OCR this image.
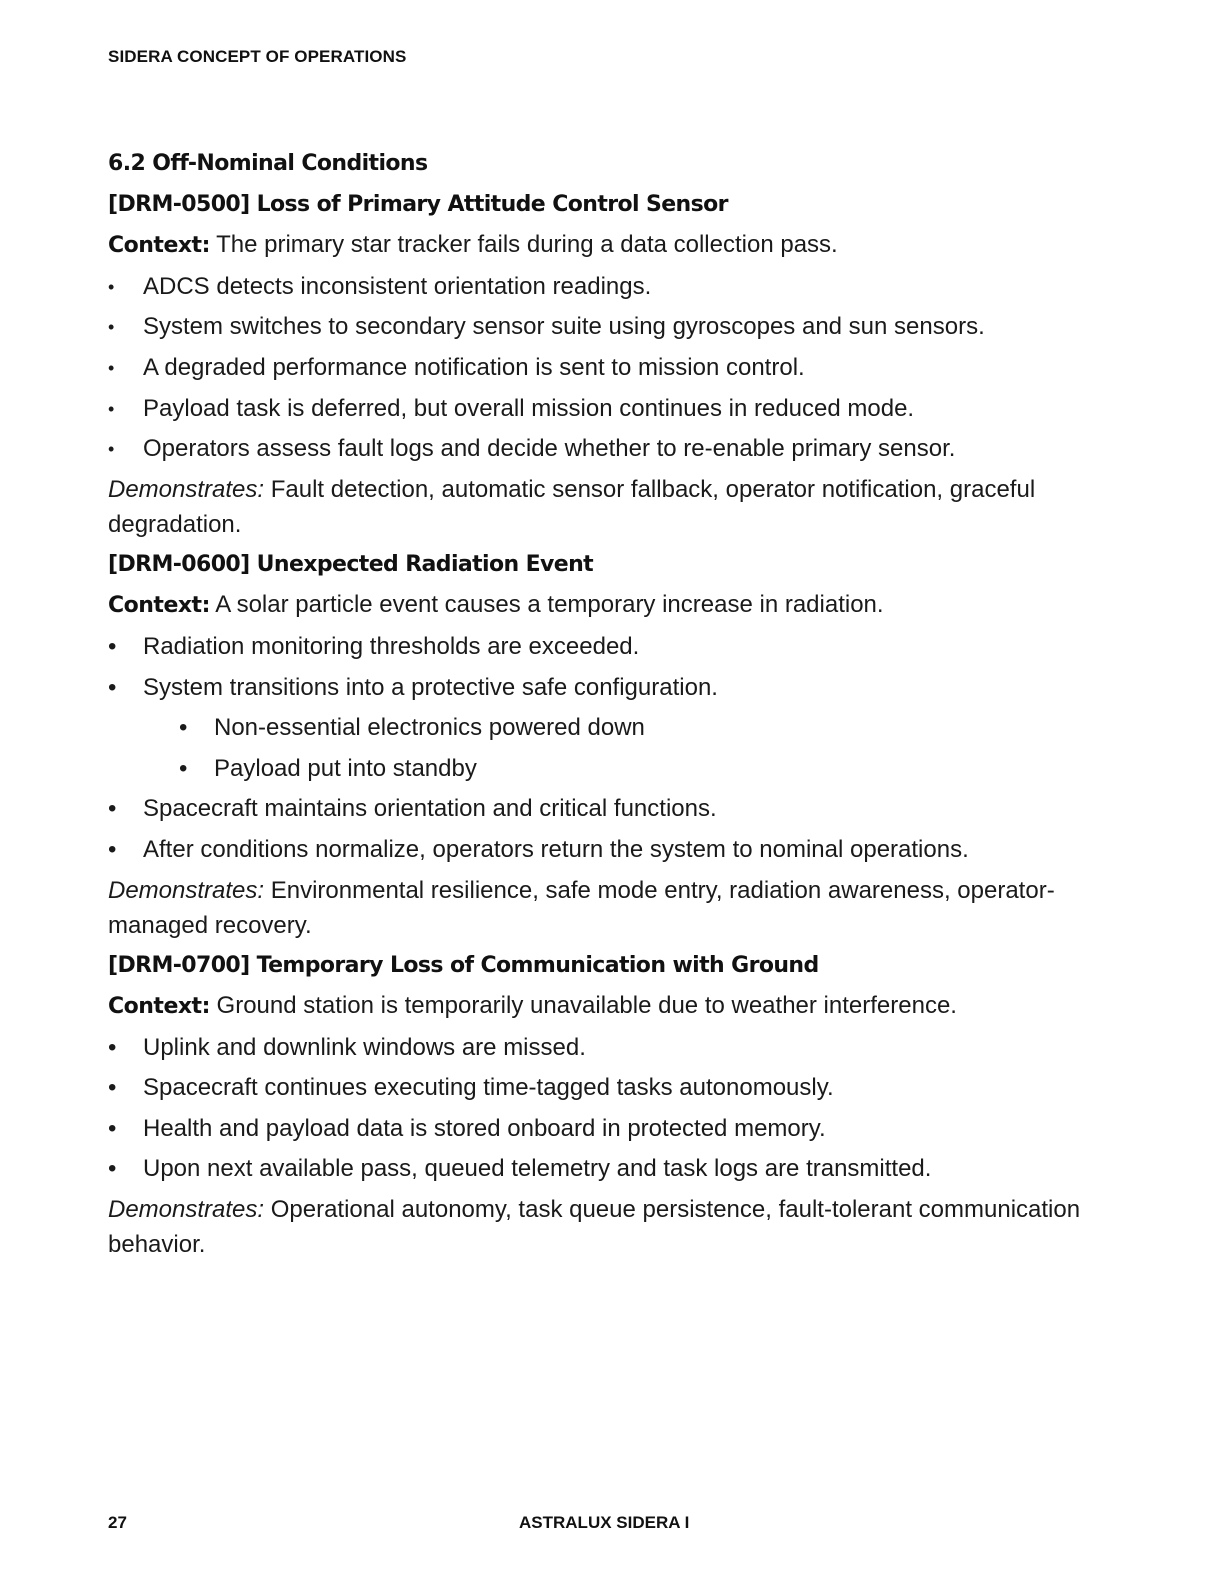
SIDERA CONCEPT OF OPERATIONS
6.2 Off-Nominal Conditions
[DRM-0500] Loss of Primary Attitude Control Sensor
Context: The primary star tracker fails during a data collection pass.
• ADCS detects inconsistent orientation readings.
• System switches to secondary sensor suite using gyroscopes and sun sensors.
• A degraded performance notification is sent to mission control.
• Payload task is deferred, but overall mission continues in reduced mode.
• Operators assess fault logs and decide whether to re-enable primary sensor.
Demonstrates: Fault detection, automatic sensor fallback, operator notification, graceful degradation.
[DRM-0600] Unexpected Radiation Event
Context: A solar particle event causes a temporary increase in radiation.
• Radiation monitoring thresholds are exceeded.
• System transitions into a protective safe configuration.
• Non-essential electronics powered down
• Payload put into standby
• Spacecraft maintains orientation and critical functions.
• After conditions normalize, operators return the system to nominal operations.
Demonstrates: Environmental resilience, safe mode entry, radiation awareness, operator-managed recovery.
[DRM-0700] Temporary Loss of Communication with Ground
Context: Ground station is temporarily unavailable due to weather interference.
• Uplink and downlink windows are missed.
• Spacecraft continues executing time-tagged tasks autonomously.
• Health and payload data is stored onboard in protected memory.
• Upon next available pass, queued telemetry and task logs are transmitted.
Demonstrates: Operational autonomy, task queue persistence, fault-tolerant communication behavior.
27	ASTRALUX SIDERA I
